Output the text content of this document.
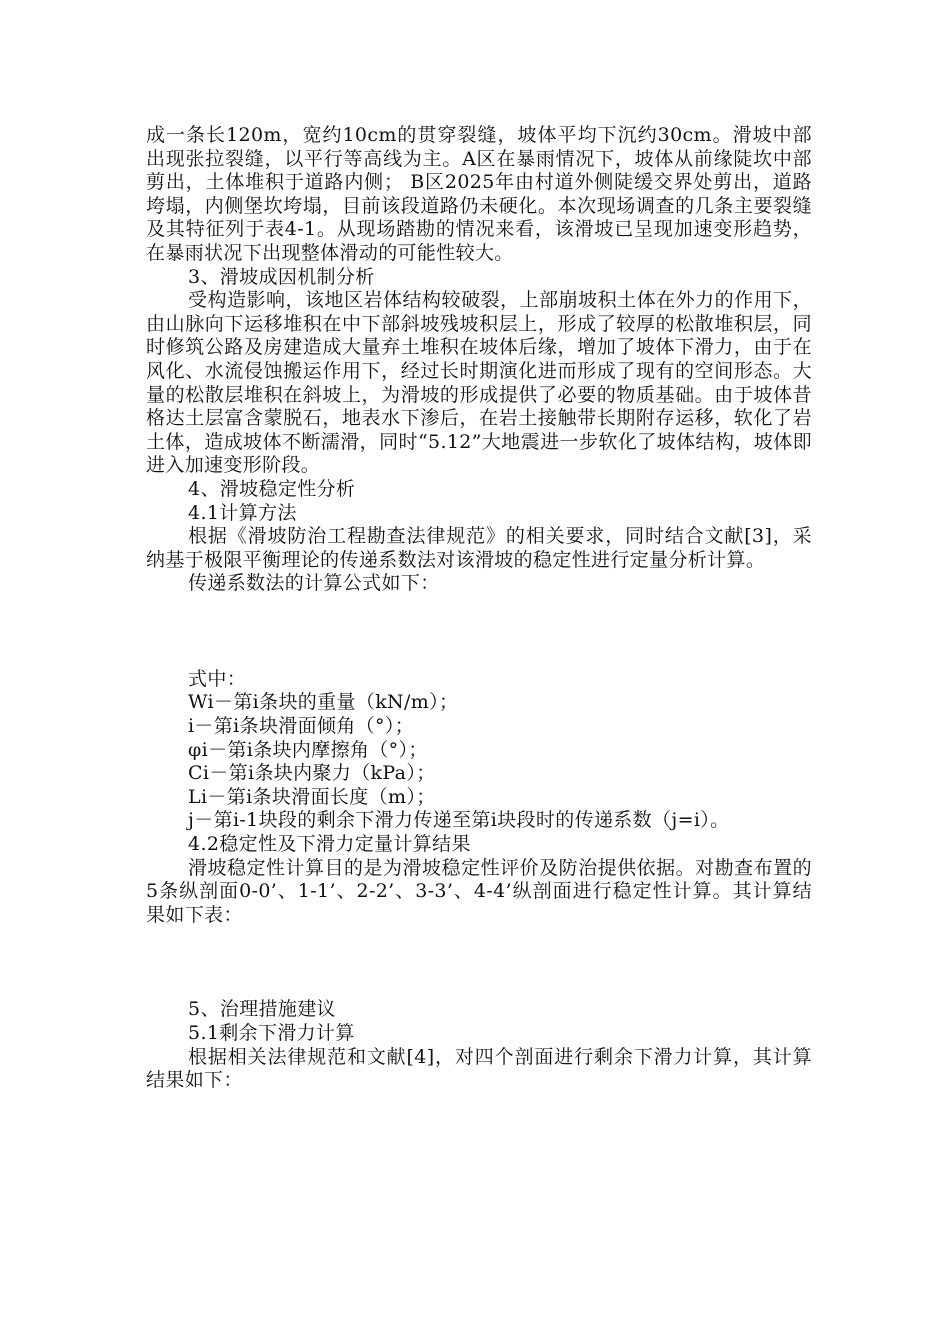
成一条长120m，宽约10cm的贯穿裂缝，坡体平均下沉约30cm。滑坡中部出现张拉裂缝，以平行等高线为主。A区在暴雨情况下，坡体从前缘陡坎中部剪出，土体堆积于道路内侧； B区2025年由村道外侧陡缓交界处剪出，道路垮塌，内侧堡坎垮塌，目前该段道路仍未硬化。本次现场调查的几条主要裂缝及其特征列于表4-1。从现场踏勘的情况来看，该滑坡已呈现加速变形趋势，在暴雨状况下出现整体滑动的可能性较大。

3、滑坡成因机制分析

受构造影响，该地区岩体结构较破裂，上部崩坡积土体在外力的作用下，由山脉向下运移堆积在中下部斜坡残坡积层上，形成了较厚的松散堆积层，同时修筑公路及房建造成大量弃土堆积在坡体后缘，增加了坡体下滑力，由于在风化、水流侵蚀搬运作用下，经过长时期演化进而形成了现有的空间形态。大量的松散层堆积在斜坡上，为滑坡的形成提供了必要的物质基础。由于坡体昔格达土层富含蒙脱石，地表水下渗后，在岩土接触带长期附存运移，软化了岩土体，造成坡体不断濡滑，同时“5.12”大地震进一步软化了坡体结构，坡体即进入加速变形阶段。

4、滑坡稳定性分析

4.1计算方法

根据《滑坡防治工程勘查法律规范》的相关要求，同时结合文献[3]，采纳基于极限平衡理论的传递系数法对该滑坡的稳定性进行定量分析计算。

传递系数法的计算公式如下：

式中：

Wi－第i条块的重量（kN/m）；

i－第i条块滑面倾角（°）；

φi－第i条块内摩擦角（°）；

Ci－第i条块内聚力（kPa）；

Li－第i条块滑面长度（m）；

j－第i-1块段的剩余下滑力传递至第i块段时的传递系数（j=i）。

4.2稳定性及下滑力定量计算结果

滑坡稳定性计算目的是为滑坡稳定性评价及防治提供依据。对勘查布置的5条纵剖面0-0’、1-1’、2-2’、3-3’、4-4’纵剖面进行稳定性计算。其计算结果如下表：

5、治理措施建议

5.1剩余下滑力计算

根据相关法律规范和文献[4]，对四个剖面进行剩余下滑力计算，其计算结果如下：
